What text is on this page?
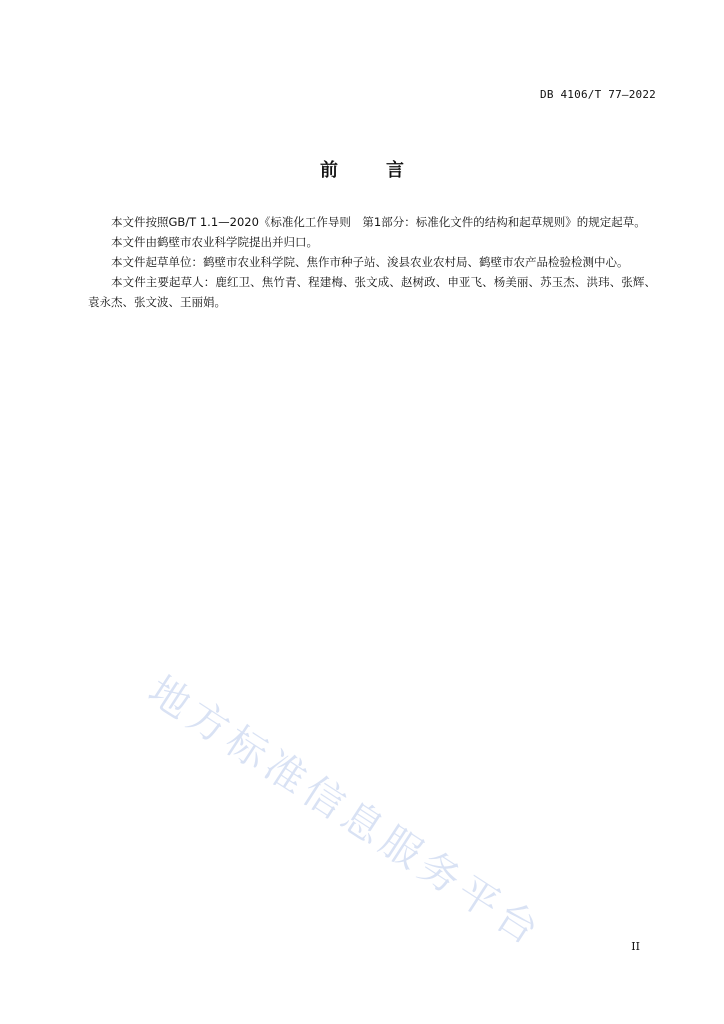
DB 4106/T 77—2022
前	言

本文件按照GB/T 1.1—2020《标准化工作导则　第1部分：标准化文件的结构和起草规则》的规定起草。

本文件由鹤壁市农业科学院提出并归口。

本文件起草单位：鹤壁市农业科学院、焦作市种子站、浚县农业农村局、鹤壁市农产品检验检测中心。

本文件主要起草人：鹿红卫、焦竹青、程建梅、张文成、赵树政、申亚飞、杨美丽、苏玉杰、洪玮、张辉、袁永杰、张文波、王丽娟。

地方标准信息服务平台	II
